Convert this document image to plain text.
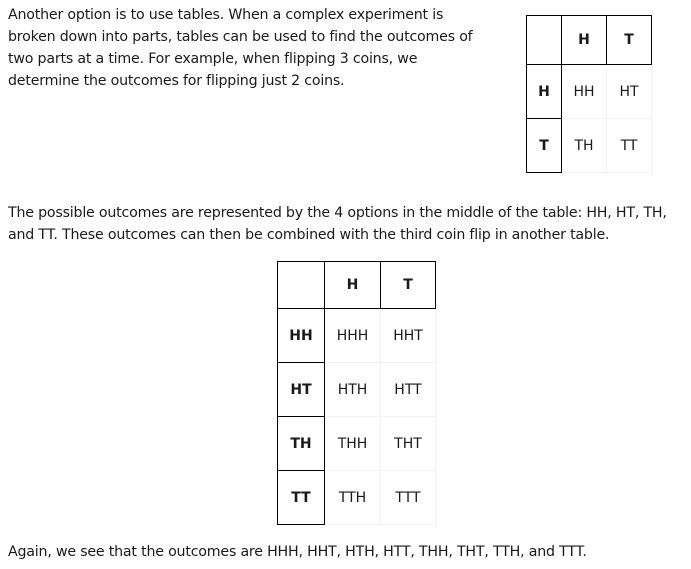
Another option is to use tables. When a complex experiment is broken down into parts, tables can be used to find the outcomes of two parts at a time. For example, when flipping 3 coins, we determine the outcomes for flipping just 2 coins.

	H	T
H	HH	HT
T	TH	TT

The possible outcomes are represented by the 4 options in the middle of the table: HH, HT, TH, and TT. These outcomes can then be combined with the third coin flip in another table.

	H	T
HH	HHH	HHT
HT	HTH	HTT
TH	THH	THT
TT	TTH	TTT

Again, we see that the outcomes are HHH, HHT, HTH, HTT, THH, THT, TTH, and TTT.
